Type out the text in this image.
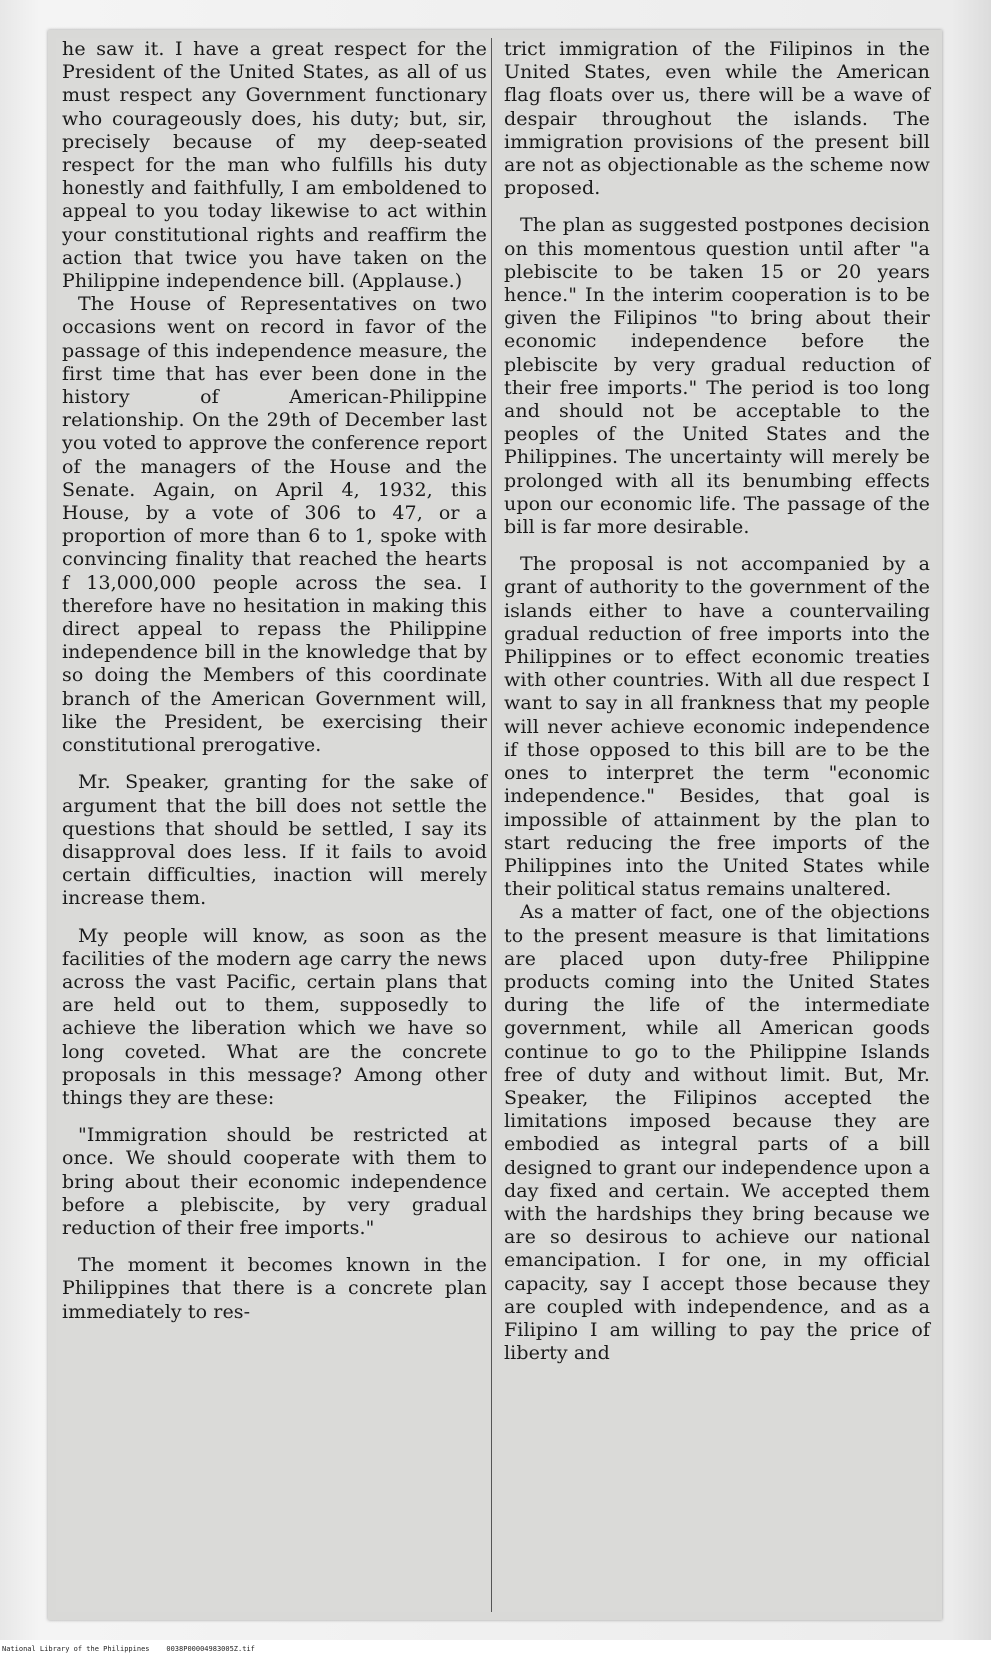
he saw it. I have a great respect for the President of the United States, as all of us must respect any Government functionary who courageously does, his duty; but, sir, precisely because of my deep-seated respect for the man who fulfills his duty honestly and faithfully, I am emboldened to appeal to you today likewise to act within your constitutional rights and reaffirm the action that twice you have taken on the Philippine independence bill. (Applause.)

The House of Representatives on two occasions went on record in favor of the passage of this independence measure, the first time that has ever been done in the history of American-Philippine relationship. On the 29th of December last you voted to approve the conference report of the managers of the House and the Senate. Again, on April 4, 1932, this House, by a vote of 306 to 47, or a proportion of more than 6 to 1, spoke with convincing finality that reached the hearts f 13,000,000 people across the sea. I therefore have no hesitation in making this direct appeal to repass the Philippine independence bill in the knowledge that by so doing the Members of this coordinate branch of the American Government will, like the President, be exercising their constitutional prerogative.

Mr. Speaker, granting for the sake of argument that the bill does not settle the questions that should be settled, I say its disapproval does less. If it fails to avoid certain difficulties, inaction will merely increase them.

My people will know, as soon as the facilities of the modern age carry the news across the vast Pacific, certain plans that are held out to them, supposedly to achieve the liberation which we have so long coveted. What are the concrete proposals in this message? Among other things they are these:

"Immigration should be restricted at once. We should cooperate with them to bring about their economic independence before a plebiscite, by very gradual reduction of their free imports."

The moment it becomes known in the Philippines that there is a concrete plan immediately to res-

trict immigration of the Filipinos in the United States, even while the American flag floats over us, there will be a wave of despair throughout the islands. The immigration provisions of the present bill are not as objectionable as the scheme now proposed.

The plan as suggested postpones decision on this momentous question until after "a plebiscite to be taken 15 or 20 years hence." In the interim cooperation is to be given the Filipinos "to bring about their economic independence before the plebiscite by very gradual reduction of their free imports." The period is too long and should not be acceptable to the peoples of the United States and the Philippines. The uncertainty will merely be prolonged with all its benumbing effects upon our economic life. The passage of the bill is far more desirable.

The proposal is not accompanied by a grant of authority to the government of the islands either to have a countervailing gradual reduction of free imports into the Philippines or to effect economic treaties with other countries. With all due respect I want to say in all frankness that my people will never achieve economic independence if those opposed to this bill are to be the ones to interpret the term "economic independence." Besides, that goal is impossible of attainment by the plan to start reducing the free imports of the Philippines into the United States while their political status remains unaltered.

As a matter of fact, one of the objections to the present measure is that limitations are placed upon duty-free Philippine products coming into the United States during the life of the intermediate government, while all American goods continue to go to the Philippine Islands free of duty and without limit. But, Mr. Speaker, the Filipinos accepted the limitations imposed because they are embodied as integral parts of a bill designed to grant our independence upon a day fixed and certain. We accepted them with the hardships they bring because we are so desirous to achieve our national emancipation. I for one, in my official capacity, say I accept those because they are coupled with independence, and as a Filipino I am willing to pay the price of liberty and

National Library of the Philippines 0038P00004983005Z.tif
